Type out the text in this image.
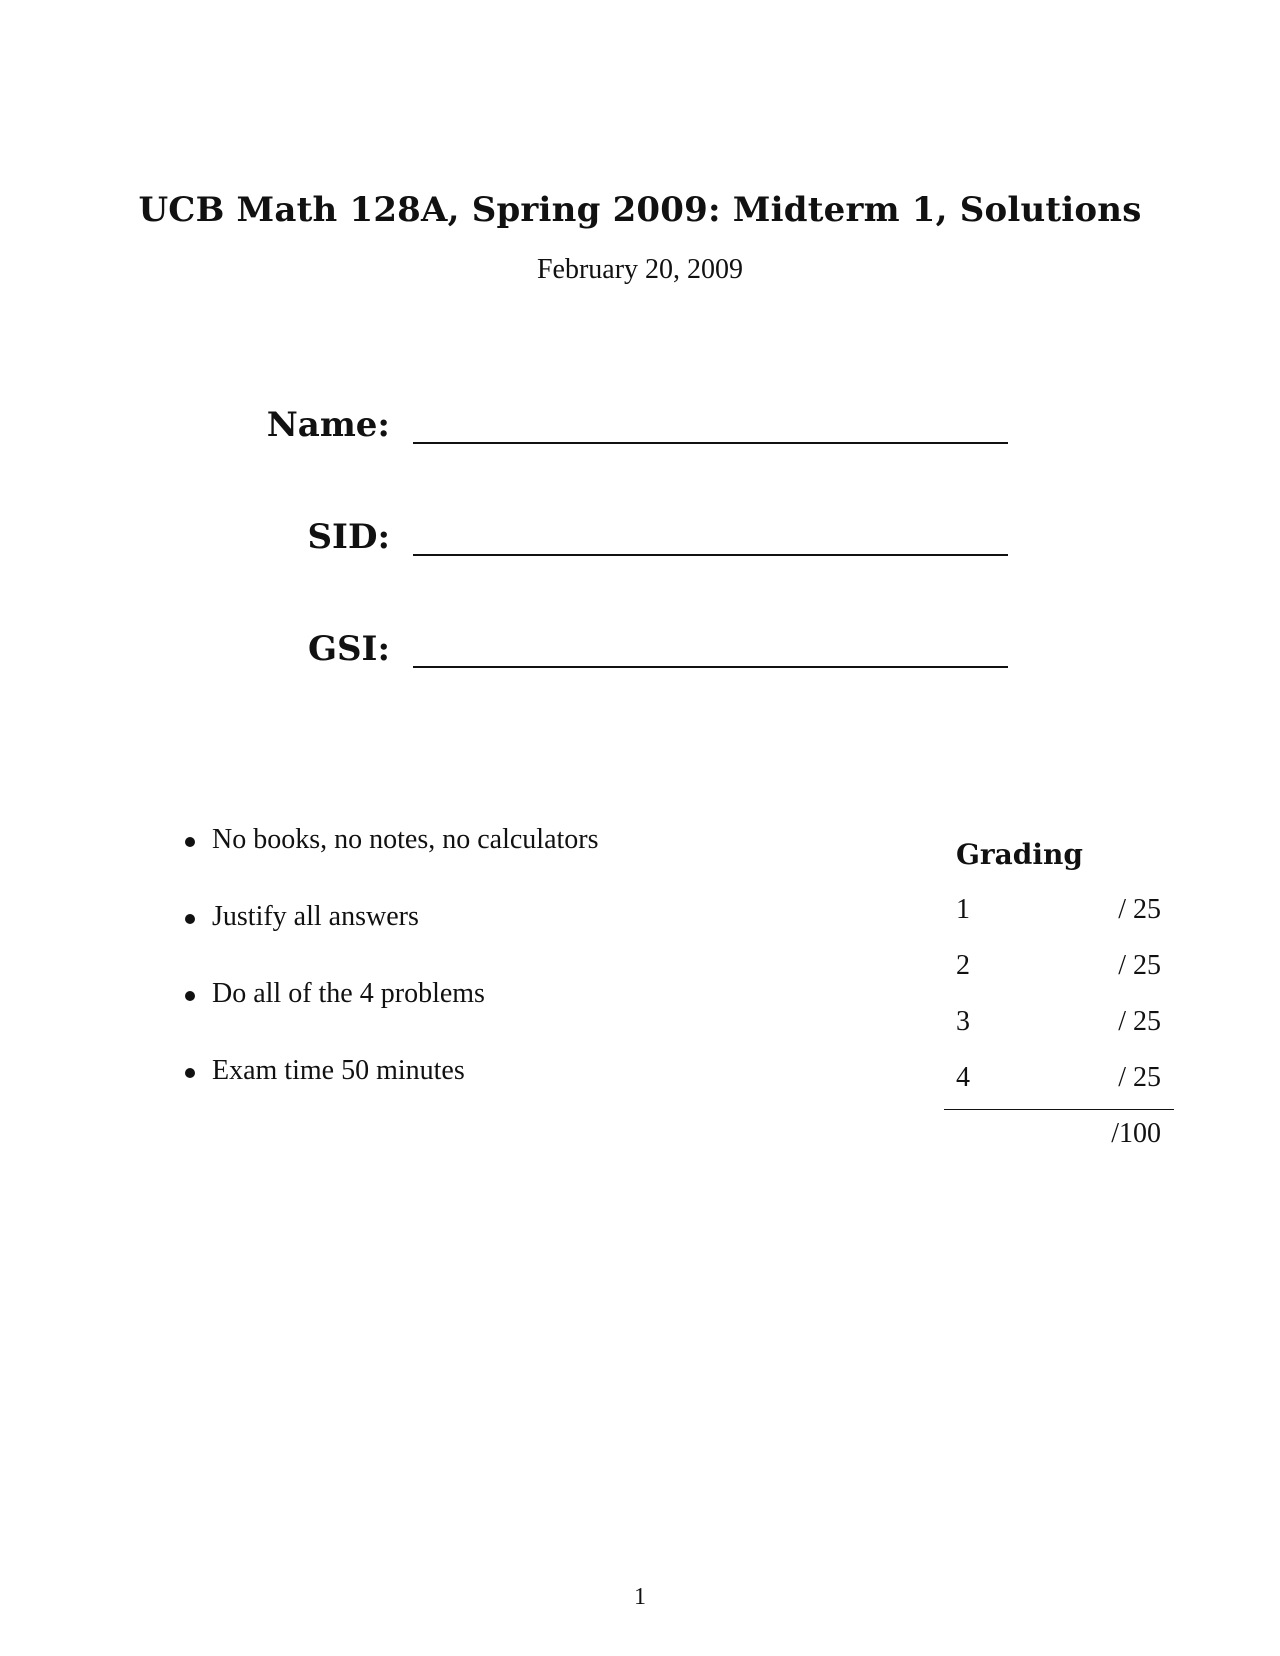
UCB Math 128A, Spring 2009: Midterm 1, Solutions
February 20, 2009
Name:
SID:
GSI:
No books, no notes, no calculators
Justify all answers
Do all of the 4 problems
Exam time 50 minutes
Grading
1	/ 25
2	/ 25
3	/ 25
4	/ 25
/100
1
